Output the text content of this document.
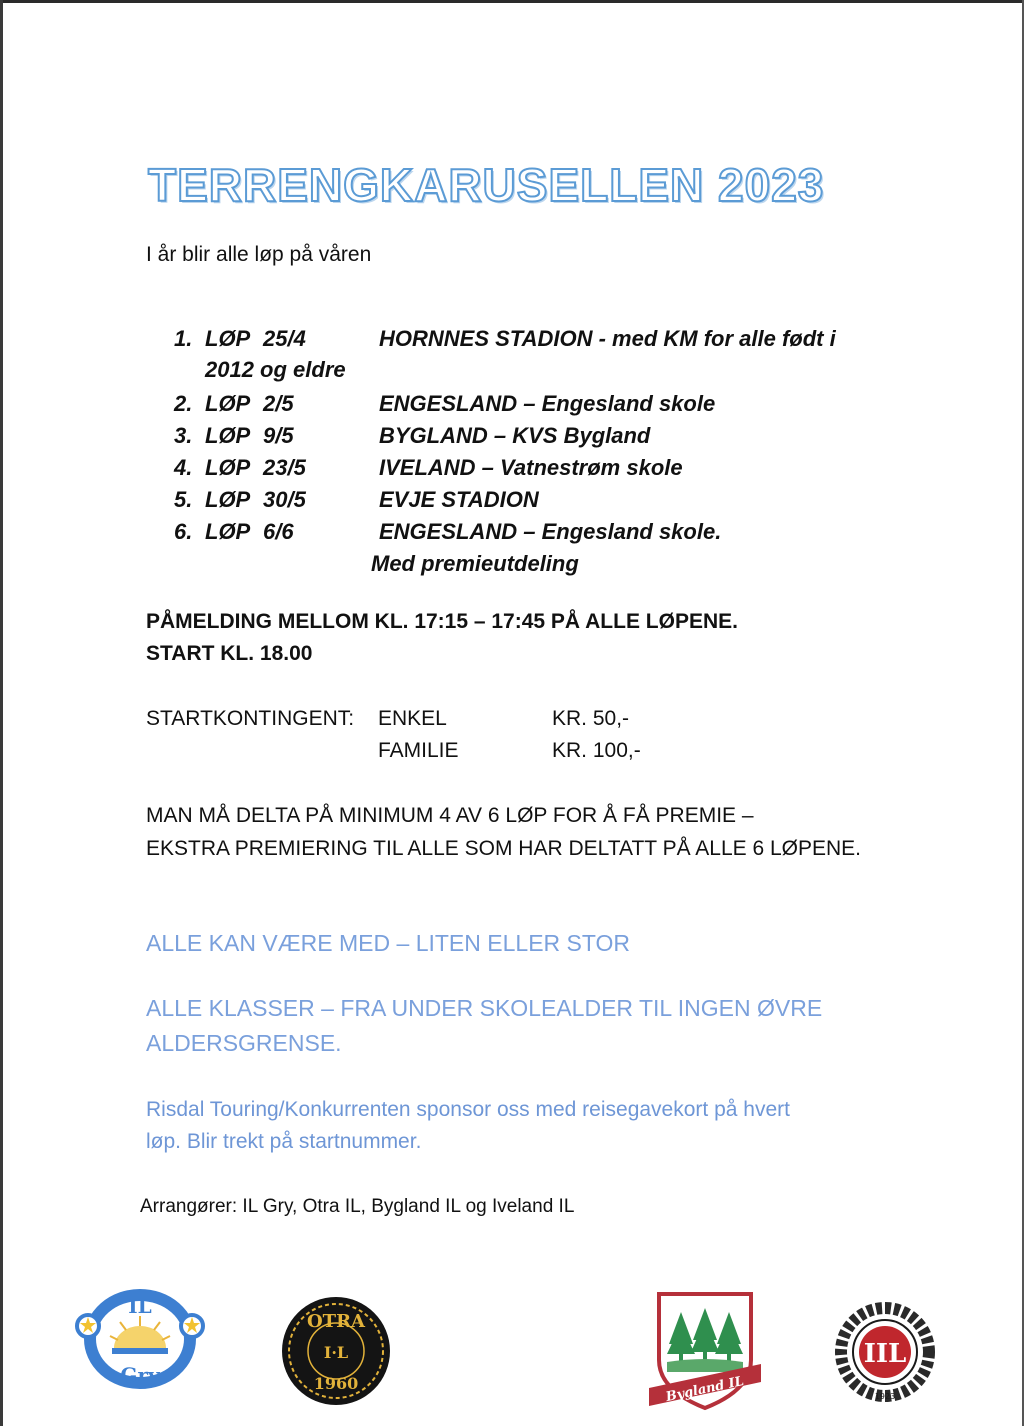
TERRENGKARUSELLEN 2023
I år blir alle løp på våren
1. LØP 25/4	HORNNES STADION - med KM for alle født i
2012 og eldre
2. LØP 2/5	ENGESLAND – Engesland skole
3. LØP 9/5	BYGLAND – KVS Bygland
4. LØP 23/5	IVELAND – Vatnestrøm skole
5. LØP 30/5	EVJE STADION
6. LØP 6/6	ENGESLAND – Engesland skole.
Med premieutdeling
PÅMELDING MELLOM KL. 17:15 – 17:45 PÅ ALLE LØPENE.
START KL. 18.00
STARTKONTINGENT: ENKEL	KR. 50,-
FAMILIE	KR. 100,-
MAN MÅ DELTA PÅ MINIMUM 4 AV 6 LØP FOR Å FÅ PREMIE –
EKSTRA PREMIERING TIL ALLE SOM HAR DELTATT PÅ ALLE 6 LØPENE.
ALLE KAN VÆRE MED – LITEN ELLER STOR
ALLE KLASSER – FRA UNDER SKOLEALDER TIL INGEN ØVRE
ALDERSGRENSE.
Risdal Touring/Konkurrenten sponsor oss med reisegavekort på hvert
løp. Blir trekt på startnummer.
Arrangører: IL Gry, Otra IL, Bygland IL og Iveland IL
IL
Gry
OTRA
I·L
1960	Bygland IL
IIL
1923
